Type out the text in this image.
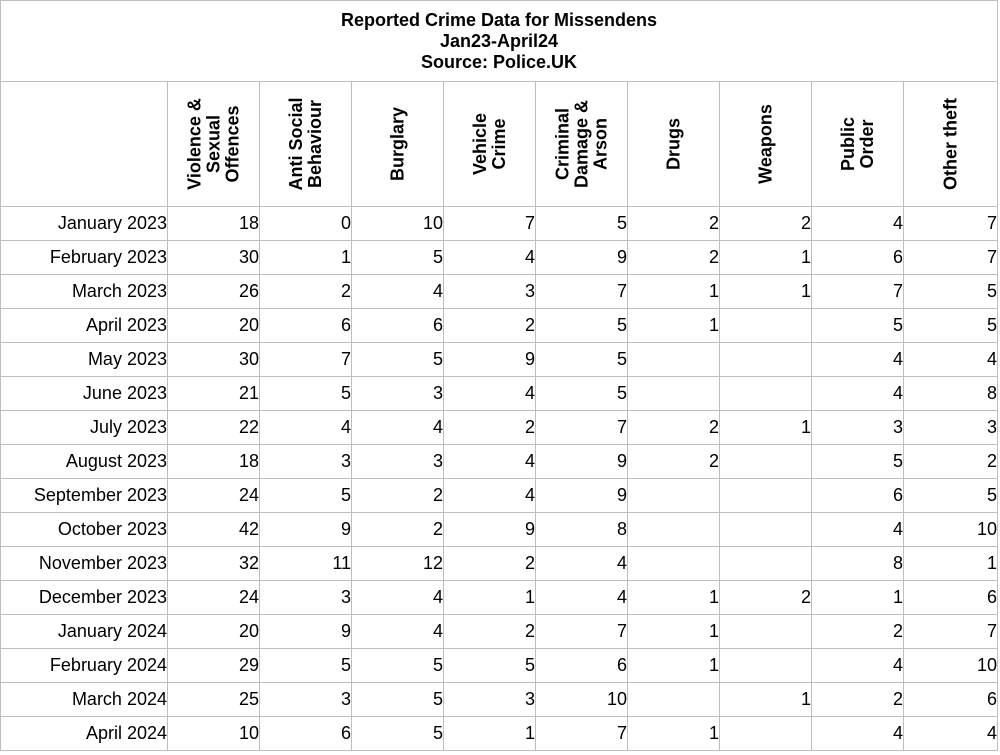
Reported Crime Data for Missendens
Jan23-April24
Source: Police.UK									

	Violence & Sexual Offences	Anti Social Behaviour	Burglary	Vehicle Crime	Criminal Damage & Arson	Drugs	Weapons	Public Order	Other theft

January 2023	18	0	10	7	5	2	2	4	7
February 2023	30	1	5	4	9	2	1	6	7
March 2023	26	2	4	3	7	1	1	7	5
April 2023	20	6	6	2	5	1		5	5
May 2023	30	7	5	9	5			4	4
June 2023	21	5	3	4	5			4	8
July 2023	22	4	4	2	7	2	1	3	3
August 2023	18	3	3	4	9	2		5	2
September 2023	24	5	2	4	9			6	5
October 2023	42	9	2	9	8			4	10
November 2023	32	11	12	2	4			8	1
December 2023	24	3	4	1	4	1	2	1	6
January 2024	20	9	4	2	7	1		2	7
February 2024	29	5	5	5	6	1		4	10
March 2024	25	3	5	3	10		1	2	6
April 2024	10	6	5	1	7	1		4	4
